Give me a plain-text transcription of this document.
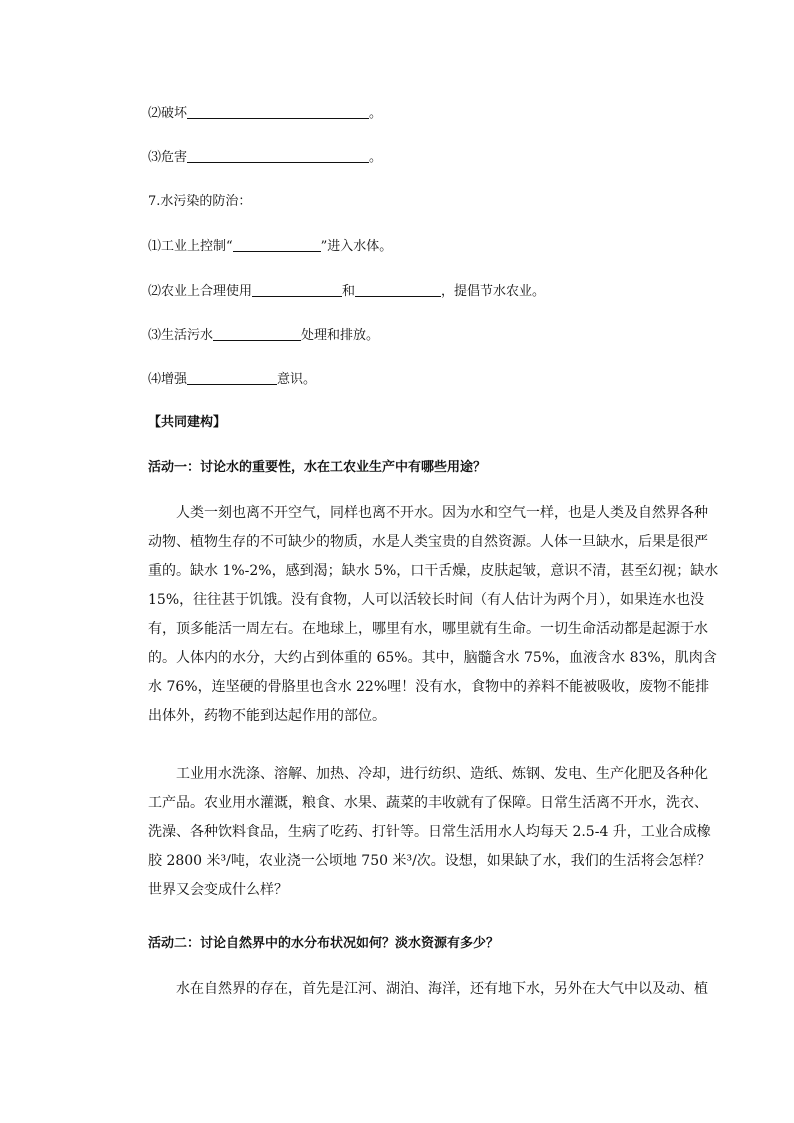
⑵破坏	。
⑶危害	。
7.水污染的防治：
⑴工业上控制“	”进入水体。
⑵农业上合理使用	和	，提倡节水农业。
⑶生活污水	处理和排放。
⑷增强	意识。
【共同建构】
活动一：讨论水的重要性，水在工农业生产中有哪些用途？
　　人类一刻也离不开空气，同样也离不开水。因为水和空气一样，也是人类及自然界各种
动物、植物生存的不可缺少的物质，水是人类宝贵的自然资源。人体一旦缺水，后果是很严
重的。缺水 1%-2%，感到渴；缺水 5%，口干舌燥，皮肤起皱，意识不清，甚至幻视；缺水
15%，往往甚于饥饿。没有食物，人可以活较长时间（有人估计为两个月），如果连水也没
有，顶多能活一周左右。在地球上，哪里有水，哪里就有生命。一切生命活动都是起源于水
的。人体内的水分，大约占到体重的 65%。其中，脑髓含水 75%，血液含水 83%，肌肉含
水 76%，连坚硬的骨胳里也含水 22%哩！没有水，食物中的养料不能被吸收，废物不能排
出体外，药物不能到达起作用的部位。
　　工业用水洗涤、溶解、加热、冷却，进行纺织、造纸、炼钢、发电、生产化肥及各种化
工产品。农业用水灌溉，粮食、水果、蔬菜的丰收就有了保障。日常生活离不开水，洗衣、
洗澡、各种饮料食品，生病了吃药、打针等。日常生活用水人均每天 2.5-4 升，工业合成橡
胶 2800 米³/吨，农业浇一公顷地 750 米³/次。设想，如果缺了水，我们的生活将会怎样？
世界又会变成什么样？
活动二：讨论自然界中的水分布状况如何？淡水资源有多少？
　　水在自然界的存在，首先是江河、湖泊、海洋，还有地下水，另外在大气中以及动、植
